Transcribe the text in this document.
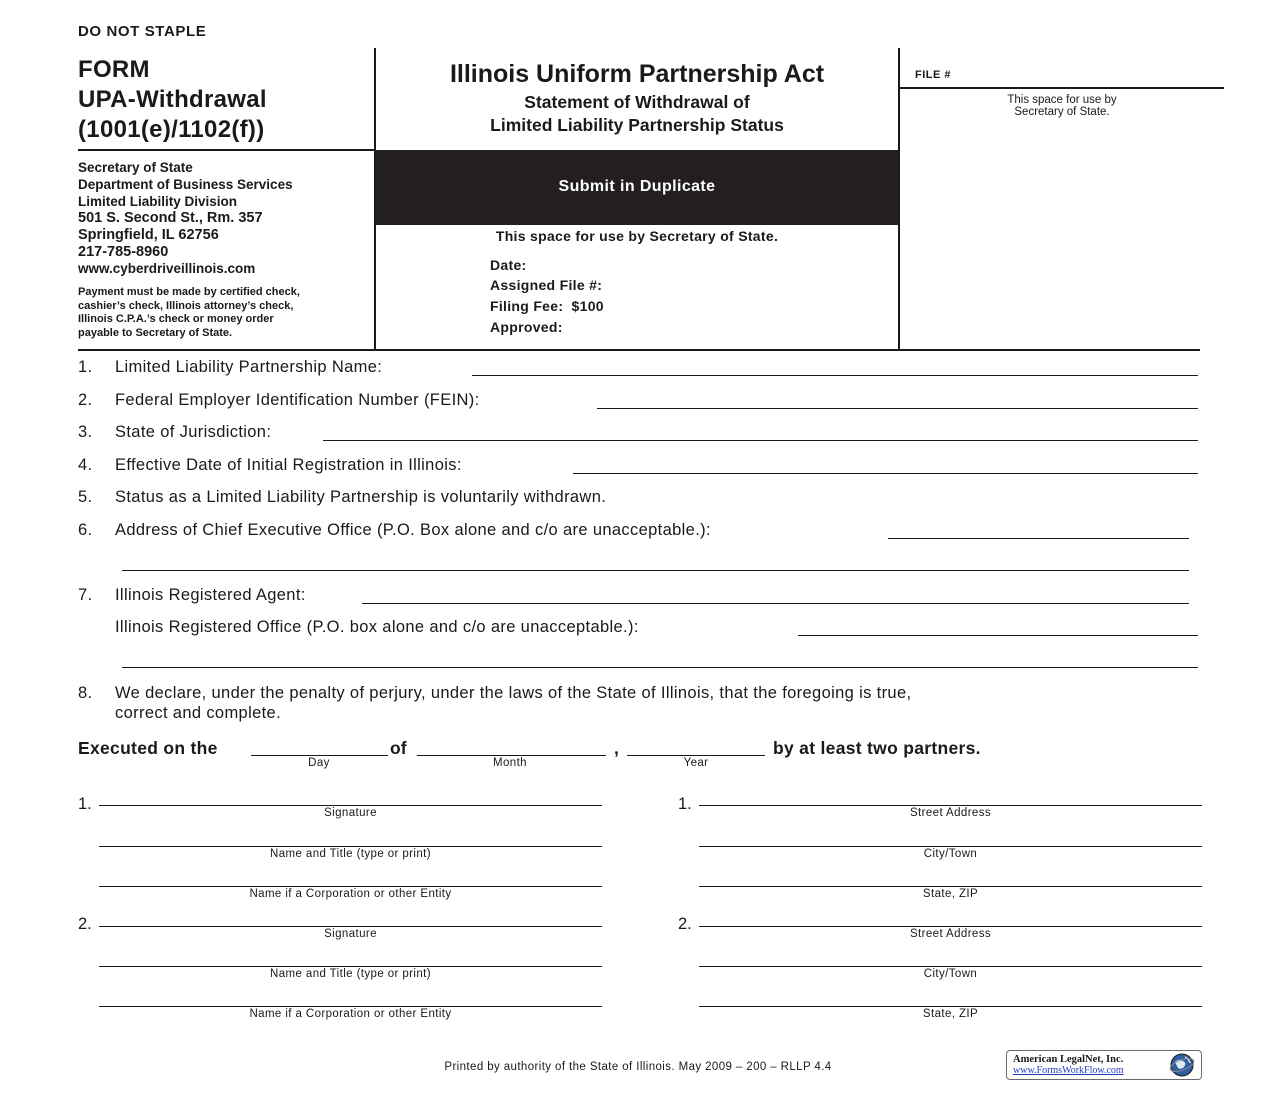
DO NOT STAPLE
FORM
UPA-Withdrawal
(1001(e)/1102(f))
Illinois Uniform Partnership Act
Statement of Withdrawal of
Limited Liability Partnership Status
FILE #
This space for use by
Secretary of State.
Submit in Duplicate
This space for use by Secretary of State.
Date:
Assigned File #:
Filing Fee: $100
Approved:
Secretary of State
Department of Business Services
Limited Liability Division
501 S. Second St., Rm. 357
Springfield, IL 62756
217-785-8960
www.cyberdriveillinois.com
Payment must be made by certified check,
cashier’s check, Illinois attorney’s check,
Illinois C.P.A.’s check or money order
payable to Secretary of State.
1. Limited Liability Partnership Name:
2. Federal Employer Identification Number (FEIN):
3. State of Jurisdiction:
4. Effective Date of Initial Registration in Illinois:
5. Status as a Limited Liability Partnership is voluntarily withdrawn.
6. Address of Chief Executive Office (P.O. Box alone and c/o are unacceptable.):
7. Illinois Registered Agent:
Illinois Registered Office (P.O. box alone and c/o are unacceptable.):
8. We declare, under the penalty of perjury, under the laws of the State of Illinois, that the foregoing is true,
correct and complete.
Executed on the	of	,	by at least two partners.
Day	Month	Year
1.	Signature
Name and Title (type or print)
Name if a Corporation or other Entity
1.	Street Address
City/Town
State, ZIP
2.
Signature
Name and Title (type or print)
Name if a Corporation or other Entity
2.
Street Address
City/Town
State, ZIP
Printed by authority of the State of Illinois. May 2009 – 200 – RLLP 4.4
American LegalNet, Inc.
www.FormsWorkFlow.com
